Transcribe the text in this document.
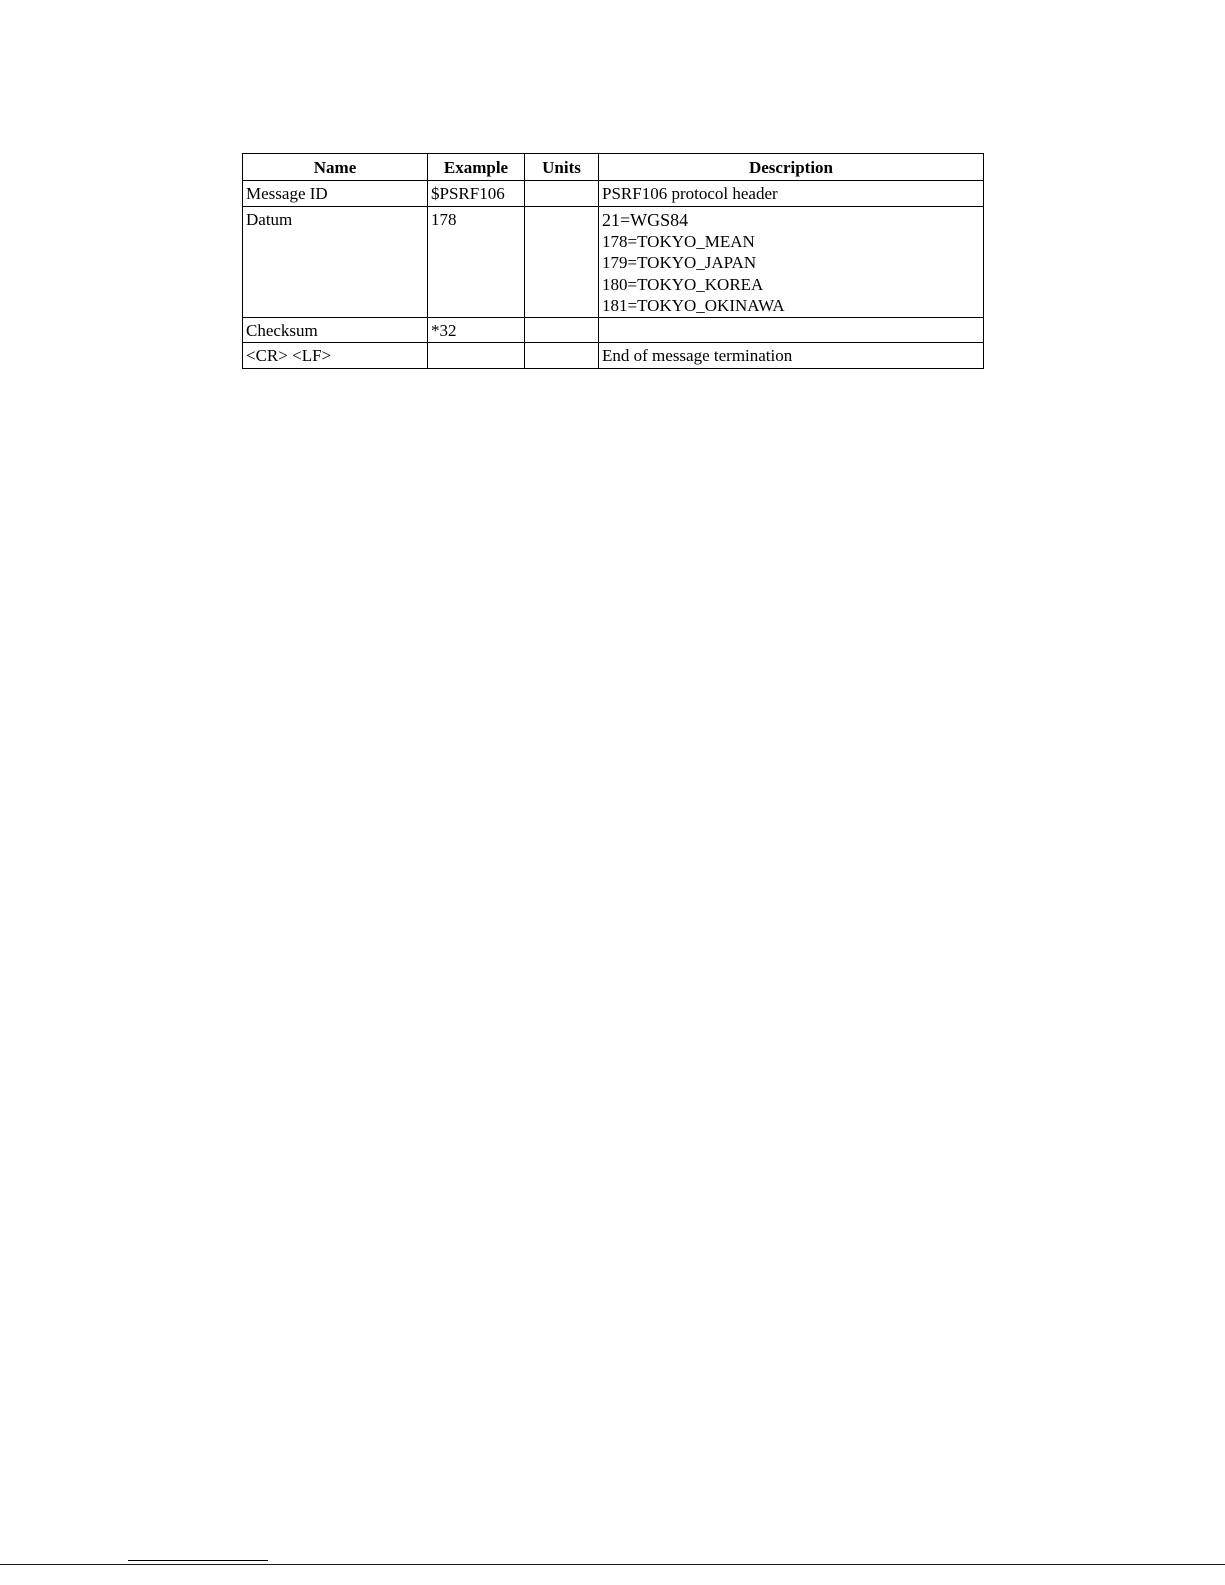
Name	Example	Units	Description
Message ID	$PSRF106		PSRF106 protocol header

Datum	178		21=WGS84
178=TOKYO_MEAN
179=TOKYO_JAPAN
180=TOKYO_KOREA
181=TOKYO_OKINAWA

Checksum	*32		

<CR> <LF>			End of message termination
